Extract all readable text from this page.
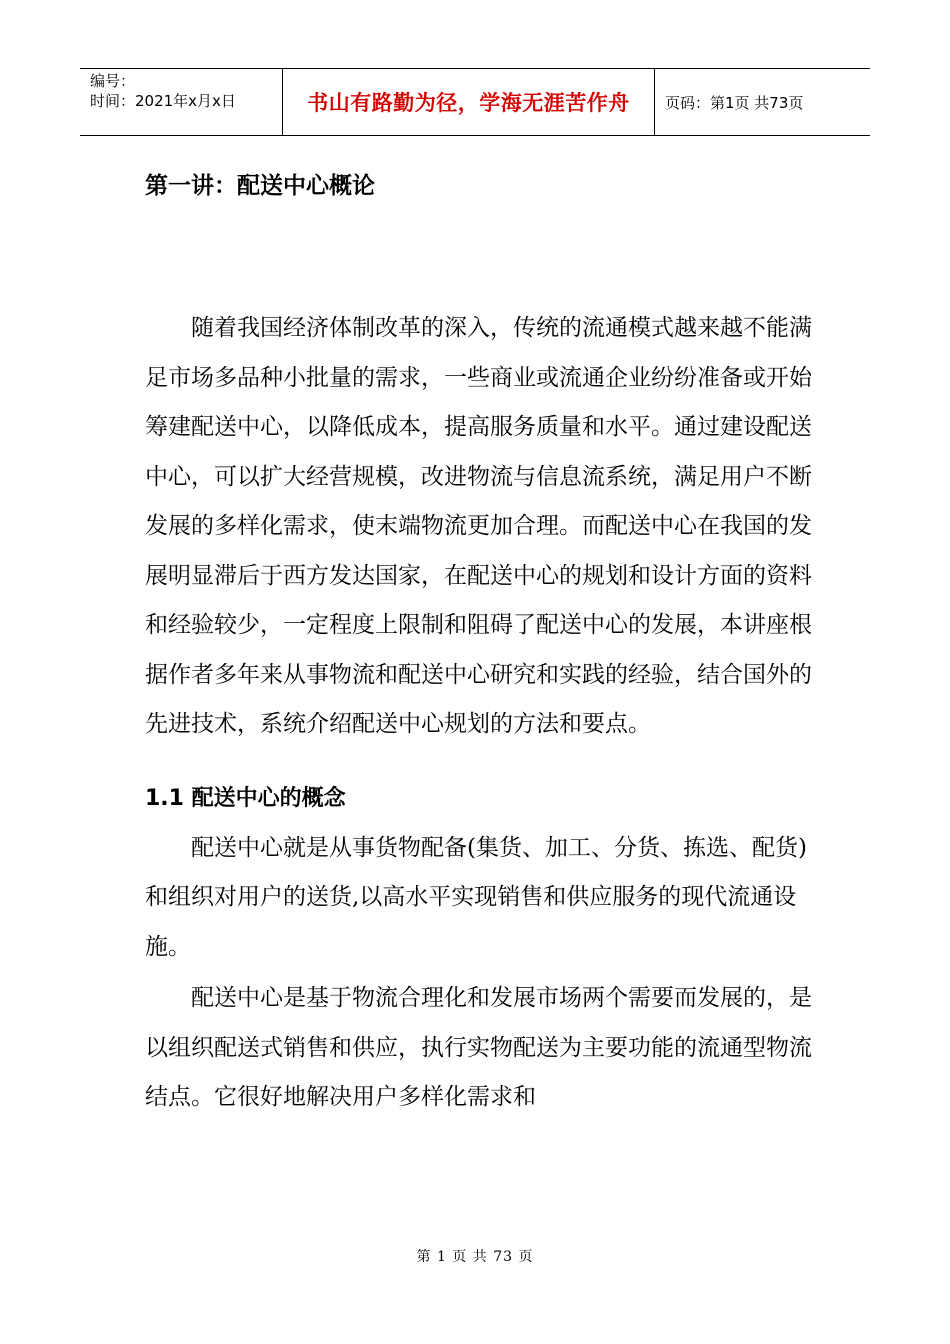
编号：
时间：2021年x月x日	书山有路勤为径，学海无涯苦作舟	页码：第1页 共73页
第一讲：配送中心概论

随着我国经济体制改革的深入，传统的流通模式越来越不能满足市场多品种小批量的需求，一些商业或流通企业纷纷准备或开始筹建配送中心，以降低成本，提高服务质量和水平。通过建设配送中心，可以扩大经营规模，改进物流与信息流系统，满足用户不断发展的多样化需求，使末端物流更加合理。而配送中心在我国的发展明显滞后于西方发达国家，在配送中心的规划和设计方面的资料和经验较少，一定程度上限制和阻碍了配送中心的发展，本讲座根据作者多年来从事物流和配送中心研究和实践的经验，结合国外的先进技术，系统介绍配送中心规划的方法和要点。

1.1 配送中心的概念

配送中心就是从事货物配备(集货、加工、分货、拣选、配货)和组织对用户的送货,以高水平实现销售和供应服务的现代流通设施。

配送中心是基于物流合理化和发展市场两个需要而发展的，是以组织配送式销售和供应，执行实物配送为主要功能的流通型物流结点。它很好地解决用户多样化需求和

第 1 页 共 73 页
